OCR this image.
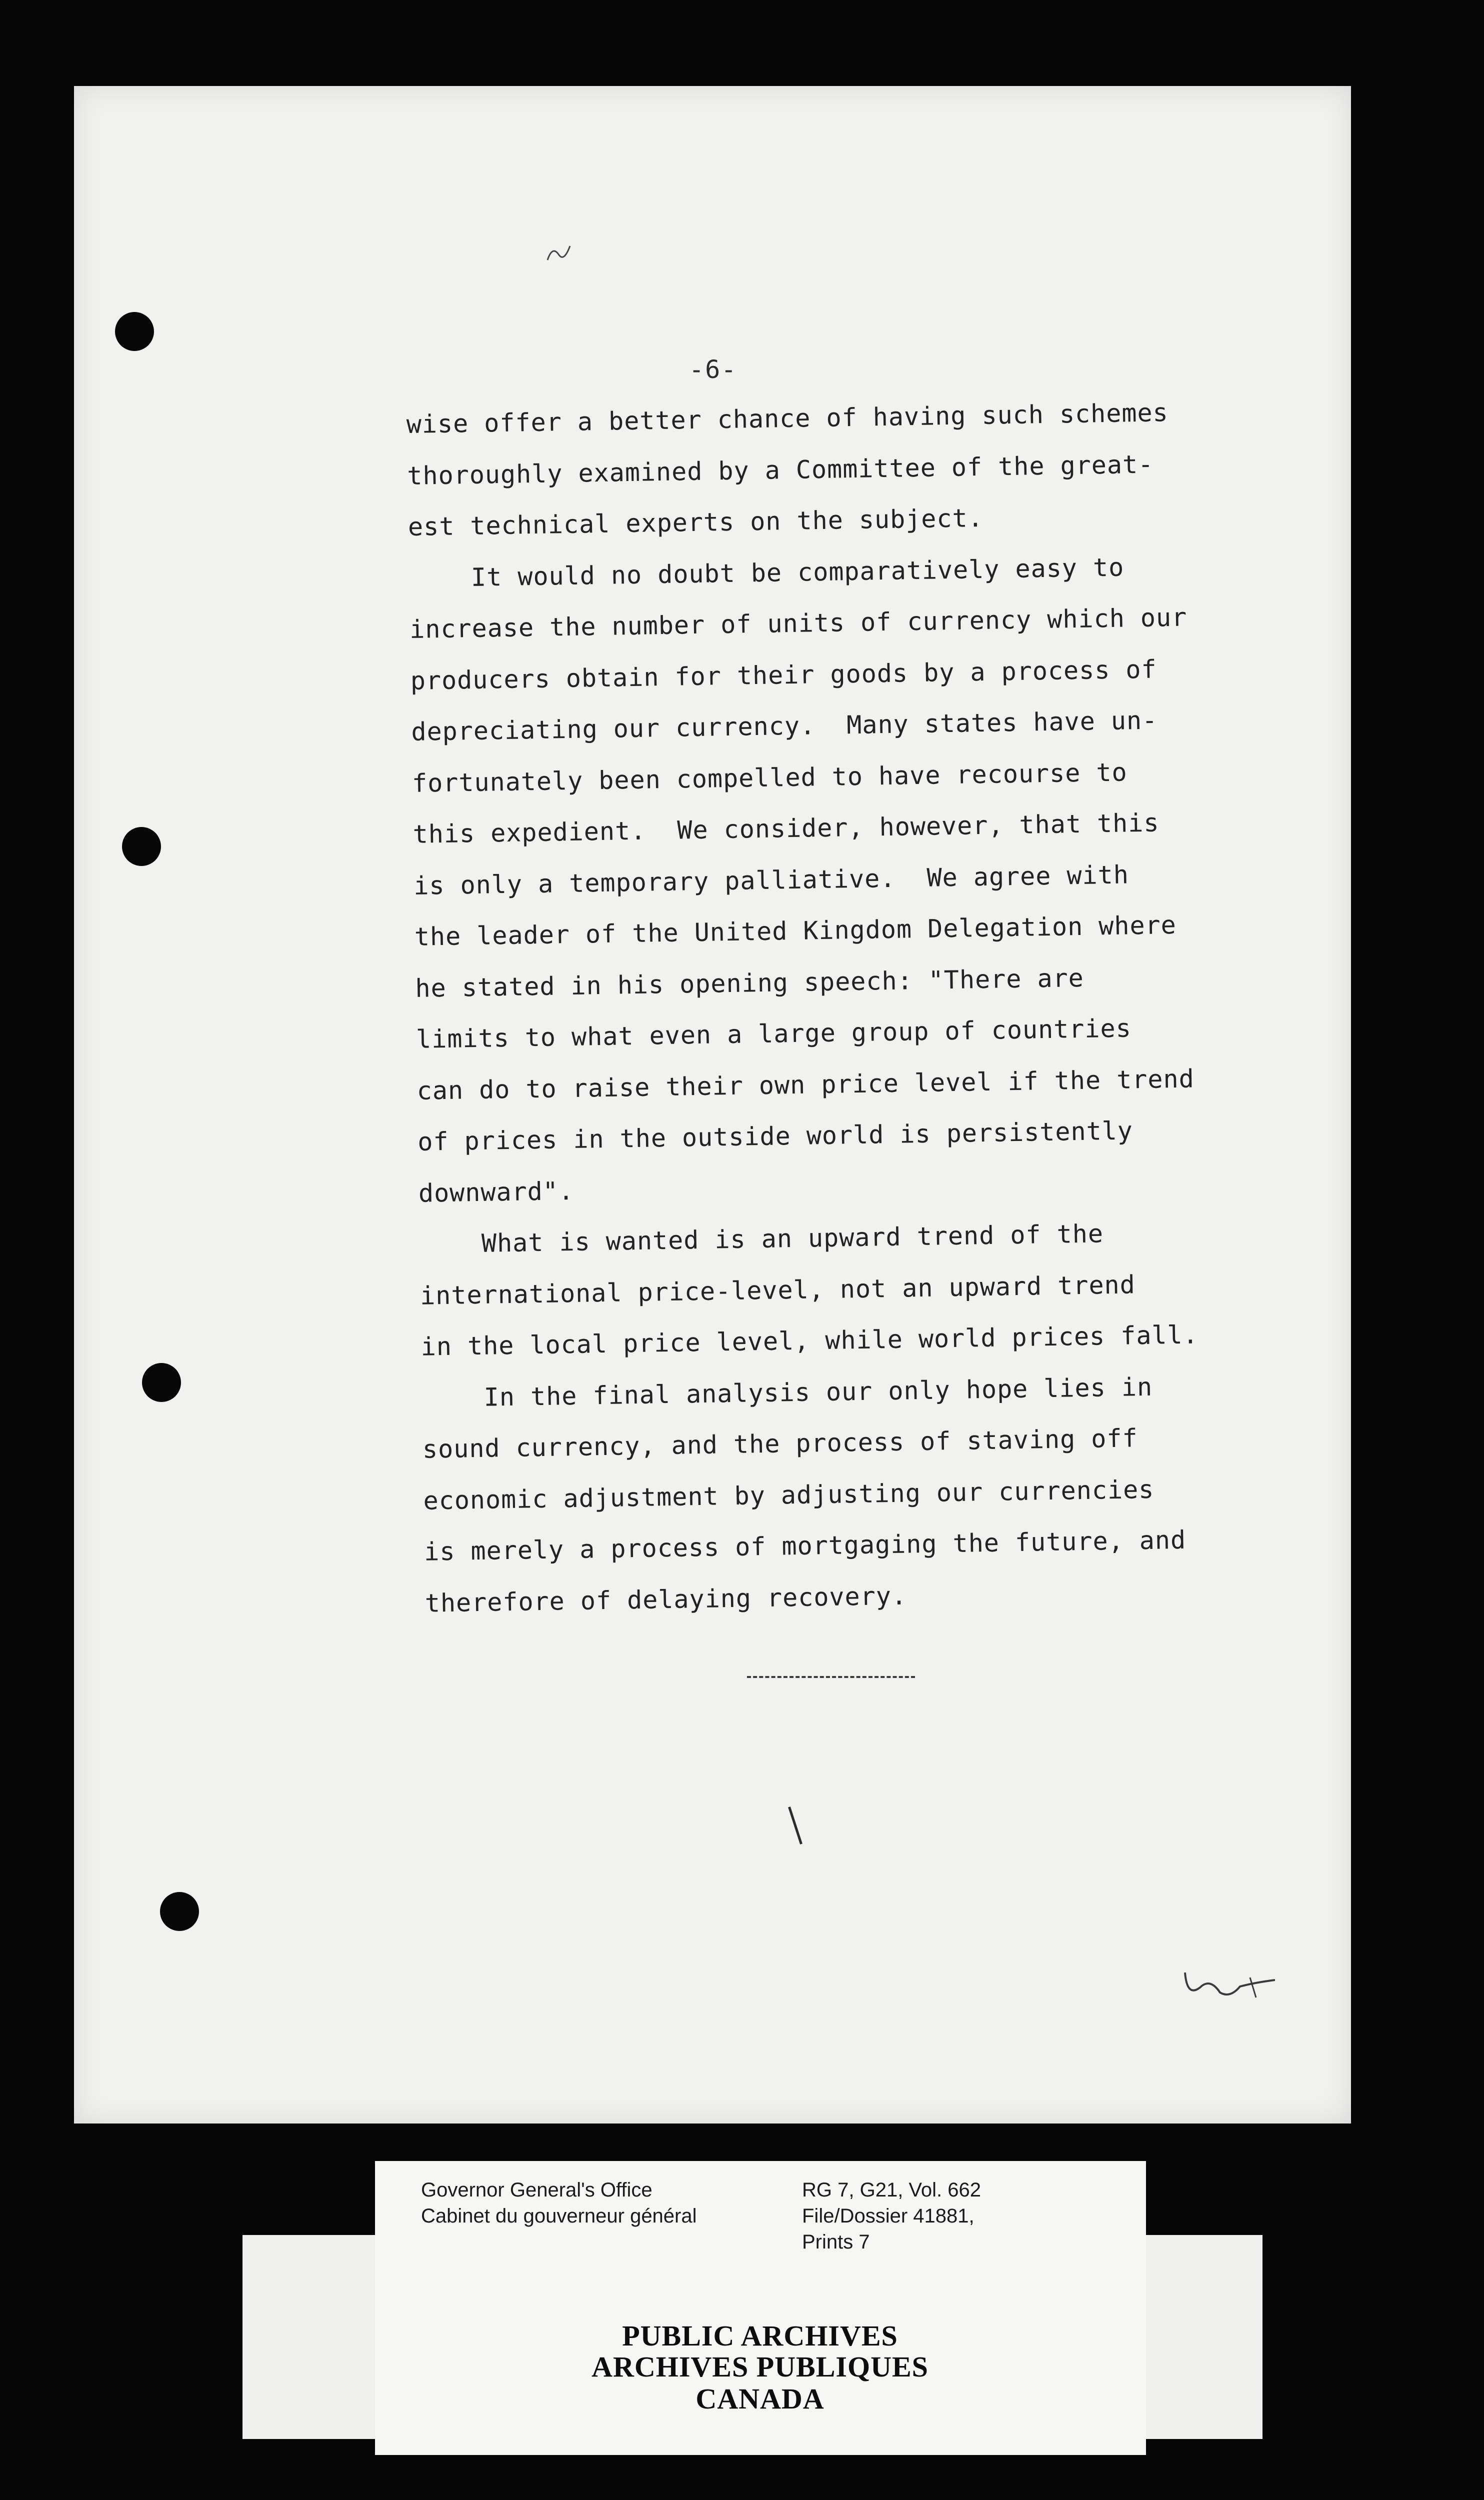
-6-
wise offer a better chance of having such schemes
thoroughly examined by a Committee of the great-
est technical experts on the subject.
It would no doubt be comparatively easy to
increase the number of units of currency which our
producers obtain for their goods by a process of
depreciating our currency.  Many states have un-
fortunately been compelled to have recourse to
this expedient.  We consider, however, that this
is only a temporary palliative.  We agree with
the leader of the United Kingdom Delegation where
he stated in his opening speech: "There are
limits to what even a large group of countries
can do to raise their own price level if the trend
of prices in the outside world is persistently
downward".
What is wanted is an upward trend of the
international price-level, not an upward trend
in the local price level, while world prices fall.
In the final analysis our only hope lies in
sound currency, and the process of staving off
economic adjustment by adjusting our currencies
is merely a process of mortgaging the future, and
therefore of delaying recovery.
Governor General's Office
Cabinet du gouverneur général
RG 7, G21, Vol. 662
File/Dossier 41881,
Prints 7
PUBLIC ARCHIVES
ARCHIVES PUBLIQUES
CANADA
